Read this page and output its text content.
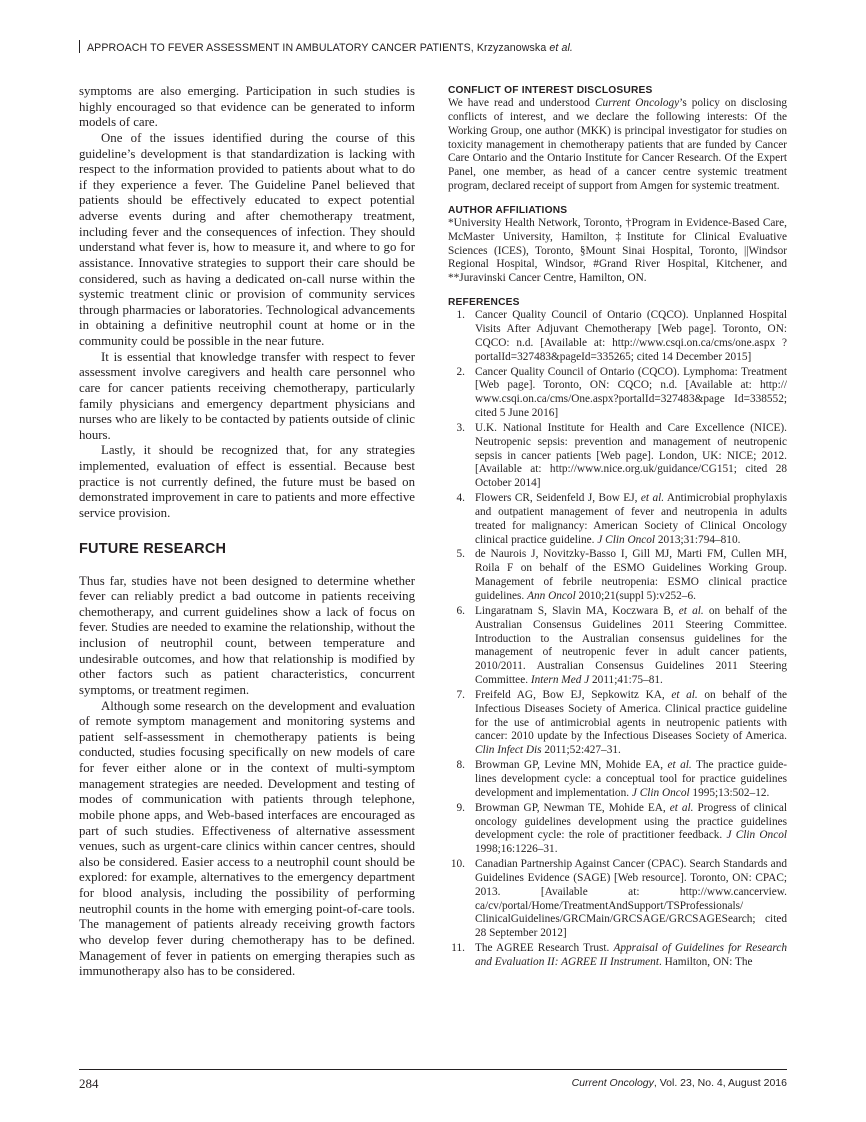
APPROACH TO FEVER ASSESSMENT IN AMBULATORY CANCER PATIENTS, Krzyzanowska et al.

symptoms are also emerging. Participation in such studies is highly encouraged so that evidence can be generated to inform models of care.

One of the issues identified during the course of this guideline’s development is that standardization is lacking with respect to the information provided to patients about what to do if they experience a fever. The Guideline Panel believed that patients should be effectively educated to expect potential adverse events during and after chemotherapy treatment, including fever and the consequences of infection. They should understand what fever is, how to measure it, and where to go for assistance. Innovative strategies to support their care should be considered, such as having a dedicated on-call nurse within the systemic treatment clinic or provision of community services through pharmacies or laboratories. Technological advancements in obtaining a definitive neutrophil count at home or in the community could be possible in the near future.

It is essential that knowledge transfer with respect to fever assessment involve caregivers and health care personnel who care for cancer patients receiving chemotherapy, particularly family physicians and emergency department physicians and nurses who are likely to be contacted by patients outside of clinic hours.

Lastly, it should be recognized that, for any strategies implemented, evaluation of effect is essential. Because best practice is not currently defined, the future must be based on demonstrated improvement in care to patients and more effective service provision.

FUTURE RESEARCH

Thus far, studies have not been designed to determine whether fever can reliably predict a bad outcome in patients receiving chemotherapy, and current guidelines show a lack of focus on fever. Studies are needed to examine the relationship, without the inclusion of neutrophil count, between temperature and undesirable outcomes, and how that relationship is modified by other factors such as patient characteristics, concurrent symptoms, or treatment regimen.

Although some research on the development and evaluation of remote symptom management and monitoring systems and patient self-assessment in chemotherapy patients is being conducted, studies focusing specifically on new models of care for fever either alone or in the context of multi-symptom management strategies are needed. Development and testing of modes of communication with patients through telephone, mobile phone apps, and Web-based interfaces are encouraged as part of such studies. Effectiveness of alternative assessment venues, such as urgent-care clinics within cancer centres, should also be considered. Easier access to a neutrophil count should be explored: for example, alternatives to the emergency department for blood analysis, including the possibility of performing neutrophil counts in the home with emerging point-of-care tools. The management of patients already receiving growth factors who develop fever during chemotherapy has to be defined. Management of fever in patients on emerging therapies such as immunotherapy also has to be considered.

CONFLICT OF INTEREST DISCLOSURES

We have read and understood Current Oncology’s policy on disclosing conflicts of interest, and we declare the following interests: Of the Working Group, one author (MKK) is principal investigator for studies on toxicity management in chemotherapy patients that are funded by Cancer Care Ontario and the Ontario Institute for Cancer Research. Of the Expert Panel, one member, as head of a cancer centre systemic treatment program, declared receipt of support from Amgen for systemic treatment.

AUTHOR AFFILIATIONS

*University Health Network, Toronto, †Program in Evidence-Based Care, McMaster University, Hamilton, ‡Institute for Clinical Evaluative Sciences (ICES), Toronto, §Mount Sinai Hospital, Toronto, ||Windsor Regional Hospital, Windsor, #Grand River Hospital, Kitchener, and **Juravinski Cancer Centre, Hamilton, ON.

REFERENCES
1. Cancer Quality Council of Ontario (CQCO). Unplanned Hospital Visits After Adjuvant Chemotherapy [Web page]. Toronto, ON: CQCO: n.d. [Available at: http://www.csqi.on.ca/cms/one.aspx ?portalId=327483&pageId=335265; cited 14 December 2015]
2. Cancer Quality Council of Ontario (CQCO). Lymphoma: Treatment [Web page]. Toronto, ON: CQCO; n.d. [Available at: http:// www.csqi.on.ca/cms/One.aspx?portalId=327483&page Id=338552; cited 5 June 2016]
3. U.K. National Institute for Health and Care Excellence (NICE). Neutropenic sepsis: prevention and management of neutropenic sepsis in cancer patients [Web page]. London, UK: NICE; 2012. [Available at: http://www.nice.org.uk/guidance/CG151; cited 28 October 2014]
4. Flowers CR, Seidenfeld J, Bow EJ, et al. Antimicrobial prophylaxis and outpatient management of fever and neutropenia in adults treated for malignancy: American Society of Clinical Oncology clinical practice guideline. J Clin Oncol 2013;31:794–810.
5. de Naurois J, Novitzky-Basso I, Gill MJ, Marti FM, Cullen MH, Roila F on behalf of the ESMO Guidelines Working Group. Management of febrile neutropenia: ESMO clinical practice guidelines. Ann Oncol 2010;21(suppl 5):v252–6.
6. Lingaratnam S, Slavin MA, Koczwara B, et al. on behalf of the Australian Consensus Guidelines 2011 Steering Committee. Introduction to the Australian consensus guidelines for the management of neutropenic fever in adult cancer patients, 2010/2011. Australian Consensus Guidelines 2011 Steering Committee. Intern Med J 2011;41:75–81.
7. Freifeld AG, Bow EJ, Sepkowitz KA, et al. on behalf of the Infectious Diseases Society of America. Clinical practice guideline for the use of antimicrobial agents in neutropenic patients with cancer: 2010 update by the Infectious Diseases Society of America. Clin Infect Dis 2011;52:427–31.
8. Browman GP, Levine MN, Mohide EA, et al. The practice guidelines development cycle: a conceptual tool for practice guidelines development and implementation. J Clin Oncol 1995;13:502–12.
9. Browman GP, Newman TE, Mohide EA, et al. Progress of clinical oncology guidelines development using the practice guidelines development cycle: the role of practitioner feedback. J Clin Oncol 1998;16:1226–31.
10. Canadian Partnership Against Cancer (CPAC). Search Standards and Guidelines Evidence (SAGE) [Web resource]. Toronto, ON: CPAC; 2013. [Available at: http://www.cancerview. ca/cv/portal/Home/TreatmentAndSupport/TSProfessionals/ ClinicalGuidelines/GRCMain/GRCSAGE/GRCSAGESearch; cited 28 September 2012]
11. The AGREE Research Trust. Appraisal of Guidelines for Research and Evaluation II: AGREE II Instrument. Hamilton, ON: The
284	Current Oncology, Vol. 23, No. 4, August 2016
